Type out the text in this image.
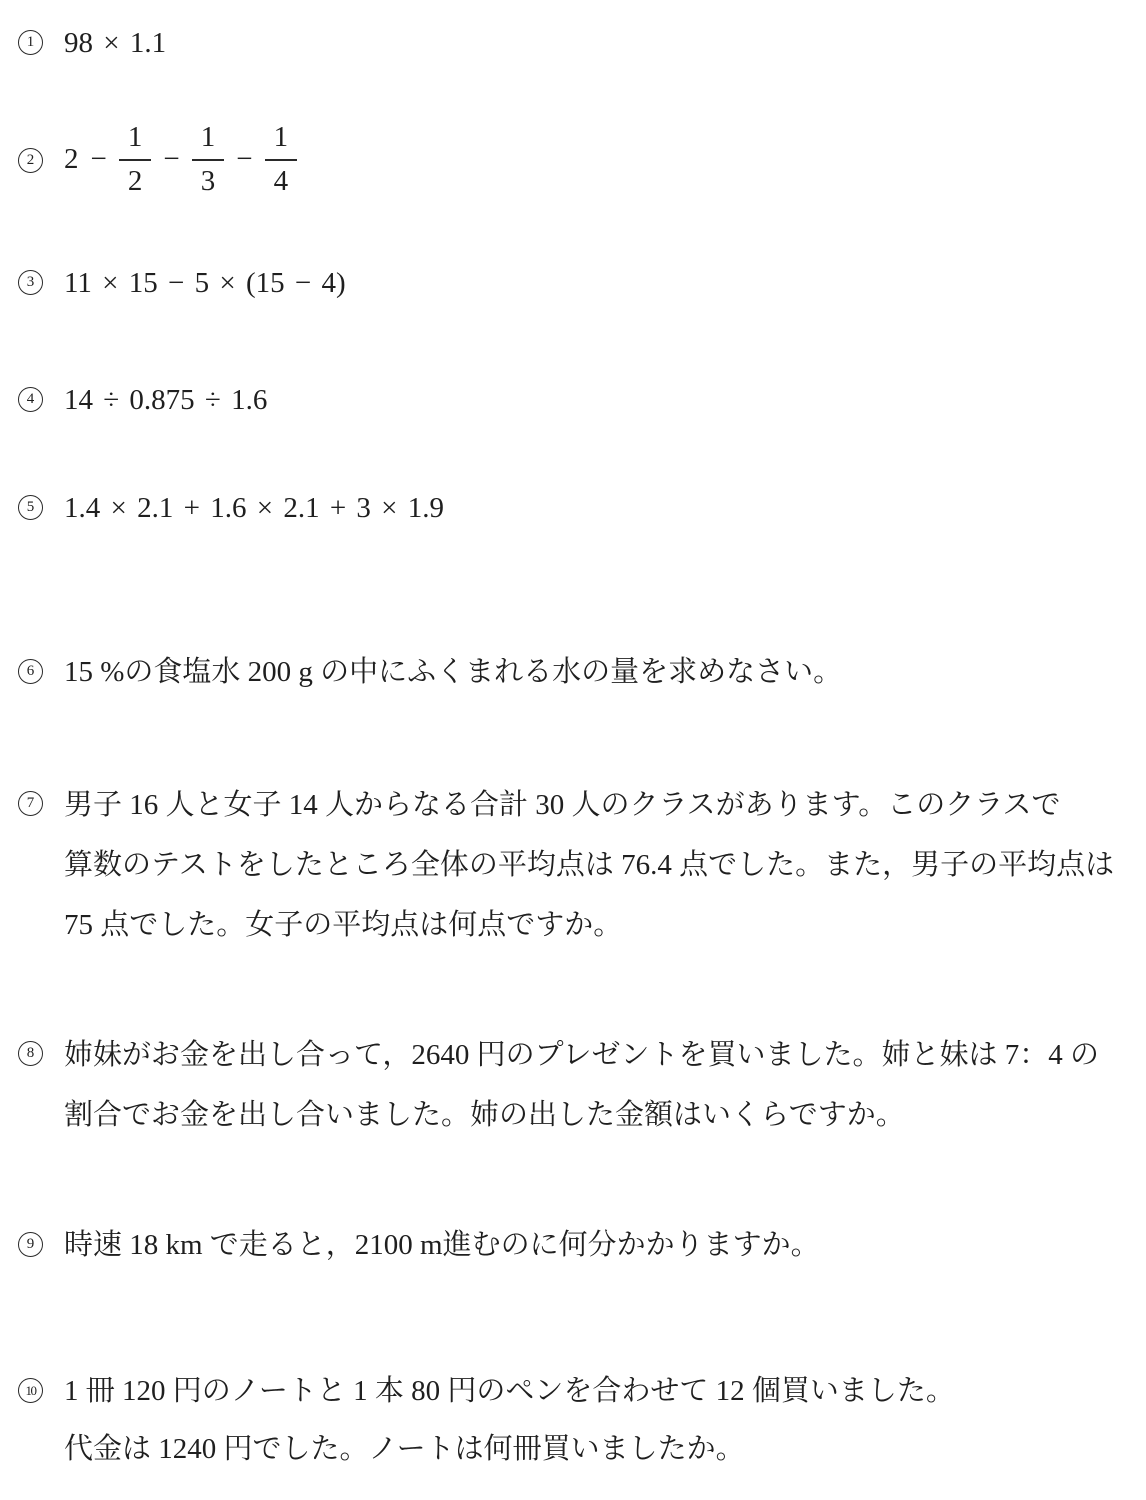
1 98 × 1.1
2 $2 - \frac{1}{2} - \frac{1}{3} - \frac{1}{4}$
3 11 × 15 − 5 × (15 − 4)
4 14 ÷ 0.875 ÷ 1.6
5 1.4 × 2.1 + 1.6 × 2.1 + 3 × 1.9
6 15 %の食塩水 200 g の中にふくまれる水の量を求めなさい。
7 男子 16 人と女子 14 人からなる合計 30 人のクラスがあります。このクラスで
算数のテストをしたところ全体の平均点は 76.4 点でした。また，男子の平均点は
75 点でした。女子の平均点は何点ですか。
8 姉妹がお金を出し合って，2640 円のプレゼントを買いました。姉と妹は 7：4 の
割合でお金を出し合いました。姉の出した金額はいくらですか。
9 時速 18 km で走ると，2100 m進むのに何分かかりますか。
10 1 冊 120 円のノートと 1 本 80 円のペンを合わせて 12 個買いました。
代金は 1240 円でした。ノートは何冊買いましたか。
